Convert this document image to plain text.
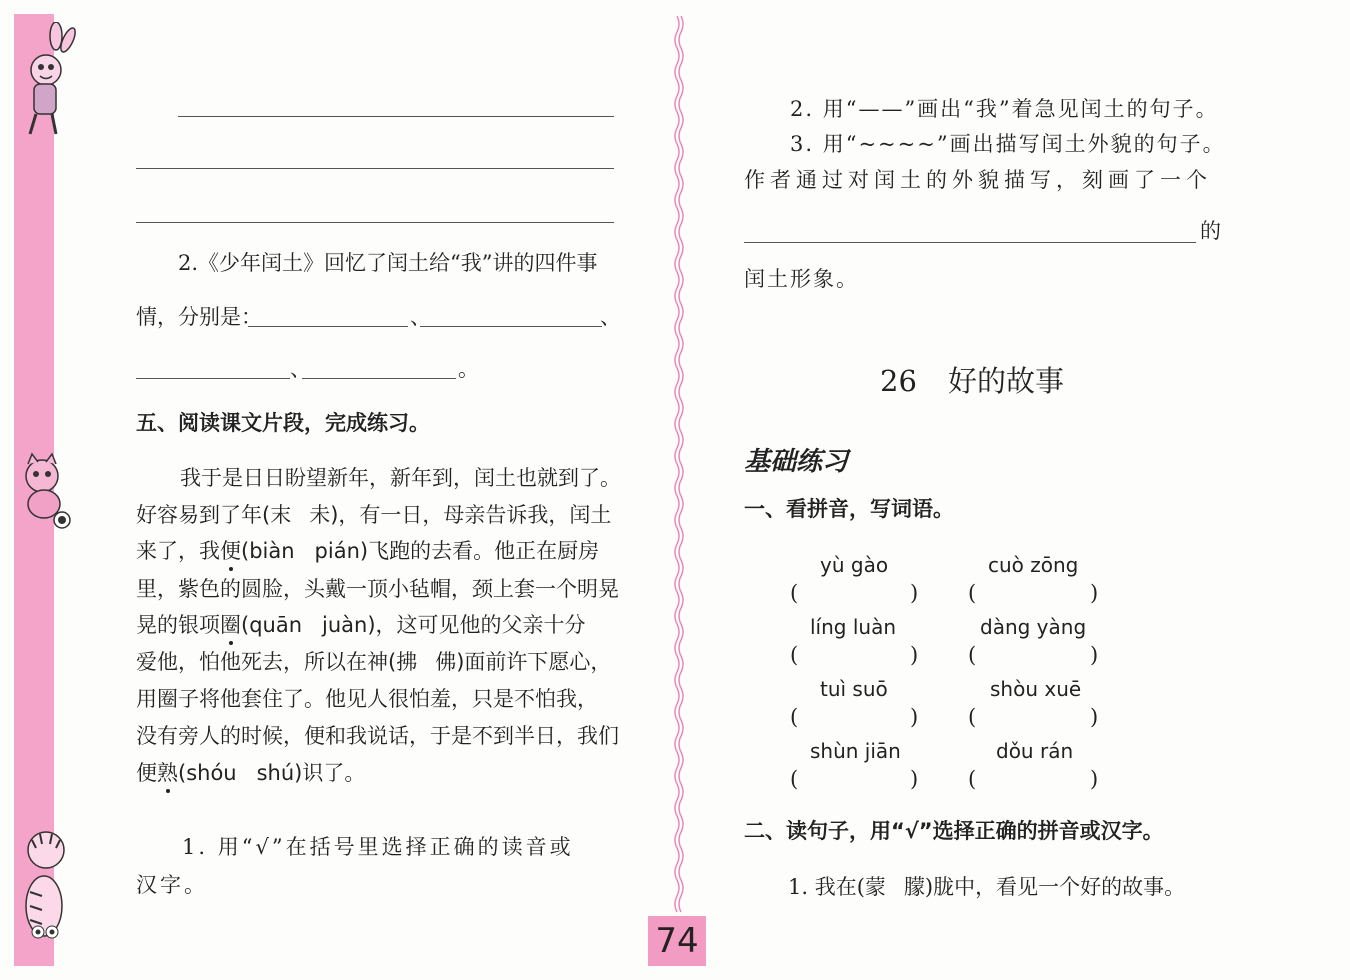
2.《少年闰土》回忆了闰土给“我”讲的四件事
情，分别是：	、	、
、	。
五、阅读课文片段，完成练习。
我于是日日盼望新年，新年到，闰土也就到了。
好容易到了年(末 未)，有一日，母亲告诉我，闰土
来了，我便(biàn pián)飞跑的去看。他正在厨房
里，紫色的圆脸，头戴一顶小毡帽，颈上套一个明晃
晃的银项圈(quān juàn)，这可见他的父亲十分
爱他，怕他死去，所以在神(拂 佛)面前许下愿心，
用圈子将他套住了。他见人很怕羞，只是不怕我，
没有旁人的时候，便和我说话，于是不到半日，我们
便熟(shóu shú)识了。
1. 用“√”在括号里选择正确的读音或
汉字。
2. 用“——”画出“我”着急见闰土的句子。
3. 用“~~~~”画出描写闰土外貌的句子。
作者通过对闰土的外貌描写，刻画了一个
的
闰土形象。
26 好的故事
基础练习
一、看拼音，写词语。
yù gào	cuò zōng
(	) (	)
líng luàn	dàng yàng
(	) (	)
tuì suō	shòu xuē
(	) (	)
shùn jiān	dǒu rán
(	) (	)
二、读句子，用“√”选择正确的拼音或汉字。
1. 我在(蒙 朦)胧中，看见一个好的故事。
74
